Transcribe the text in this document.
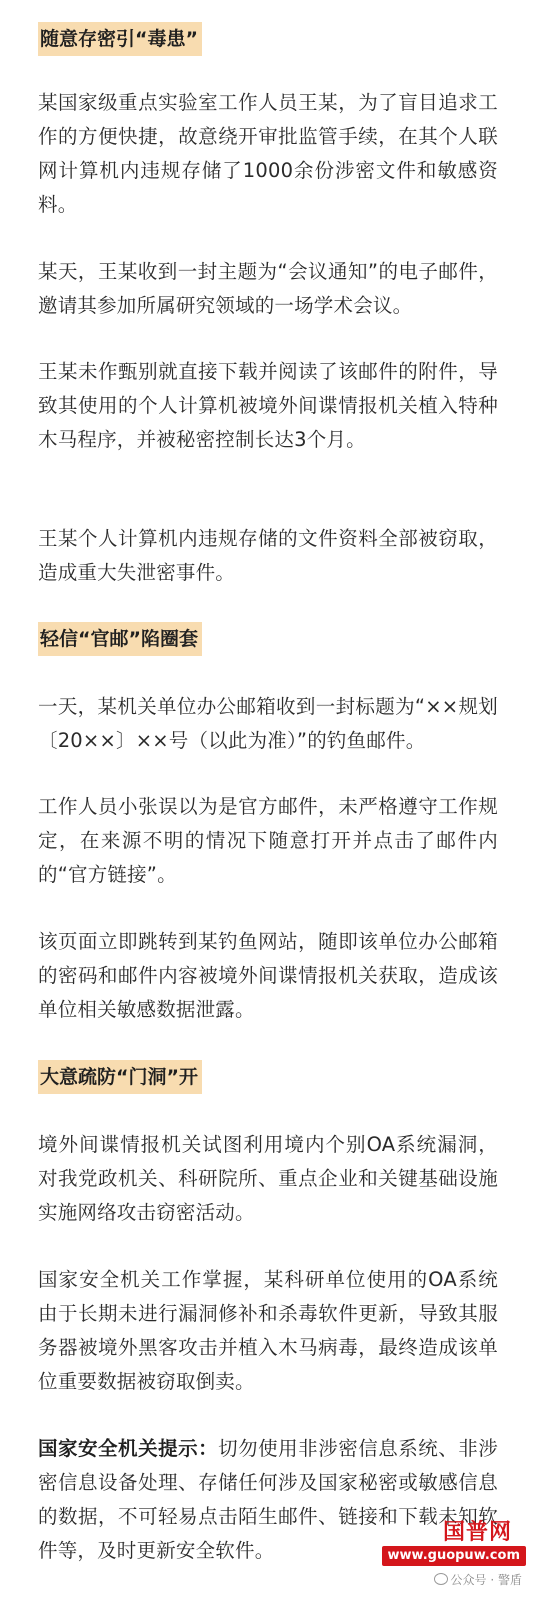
随意存密引“毒患”

某国家级重点实验室工作人员王某，为了盲目追求工作的方便快捷，故意绕开审批监管手续，在其个人联网计算机内违规存储了1000余份涉密文件和敏感资料。

某天，王某收到一封主题为“会议通知”的电子邮件，邀请其参加所属研究领域的一场学术会议。

王某未作甄别就直接下载并阅读了该邮件的附件，导致其使用的个人计算机被境外间谍情报机关植入特种木马程序，并被秘密控制长达3个月。

王某个人计算机内违规存储的文件资料全部被窃取，造成重大失泄密事件。

轻信“官邮”陷圈套

一天，某机关单位办公邮箱收到一封标题为“××规划〔20××〕××号（以此为准）”的钓鱼邮件。

工作人员小张误以为是官方邮件，未严格遵守工作规定，在来源不明的情况下随意打开并点击了邮件内的“官方链接”。

该页面立即跳转到某钓鱼网站，随即该单位办公邮箱的密码和邮件内容被境外间谍情报机关获取，造成该单位相关敏感数据泄露。

大意疏防“门洞”开

境外间谍情报机关试图利用境内个别OA系统漏洞，对我党政机关、科研院所、重点企业和关键基础设施实施网络攻击窃密活动。

国家安全机关工作掌握，某科研单位使用的OA系统由于长期未进行漏洞修补和杀毒软件更新，导致其服务器被境外黑客攻击并植入木马病毒，最终造成该单位重要数据被窃取倒卖。

国家安全机关提示：切勿使用非涉密信息系统、非涉密信息设备处理、存储任何涉及国家秘密或敏感信息的数据，不可轻易点击陌生邮件、链接和下载未知软件等，及时更新安全软件。

国普网
www.guopuw.com
公众号 · 警盾
